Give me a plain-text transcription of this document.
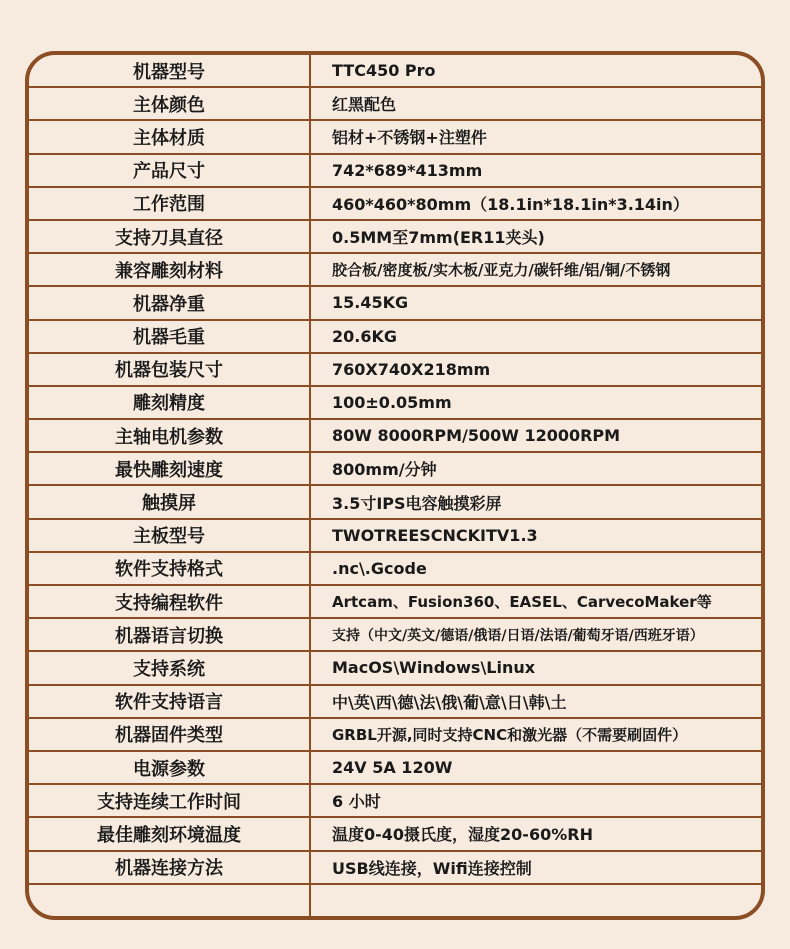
机器型号	TTC450 Pro
主体颜色	红黑配色
主体材质	铝材+不锈钢+注塑件
产品尺寸	742*689*413mm
工作范围	460*460*80mm（18.1in*18.1in*3.14in）
支持刀具直径	0.5MM至7mm(ER11夹头)
兼容雕刻材料	胶合板/密度板/实木板/亚克力/碳钎维/铝/铜/不锈钢
机器净重	15.45KG
机器毛重	20.6KG
机器包装尺寸	760X740X218mm
雕刻精度	100±0.05mm
主轴电机参数	80W 8000RPM/500W 12000RPM
最快雕刻速度	800mm/分钟
触摸屏	3.5寸IPS电容触摸彩屏
主板型号	TWOTREESCNCKITV1.3
软件支持格式	.nc\.Gcode
支持编程软件	Artcam、Fusion360、EASEL、CarvecoMaker等
机器语言切换	支持（中文/英文/德语/俄语/日语/法语/葡萄牙语/西班牙语）
支持系统	MacOS\Windows\Linux
软件支持语言	中\英\西\德\法\俄\葡\意\日\韩\土
机器固件类型	GRBL开源,同时支持CNC和激光器（不需要刷固件）
电源参数	24V 5A 120W
支持连续工作时间	6 小时
最佳雕刻环境温度	温度0-40摄氏度，湿度20-60%RH
机器连接方法	USB线连接，Wifi连接控制
